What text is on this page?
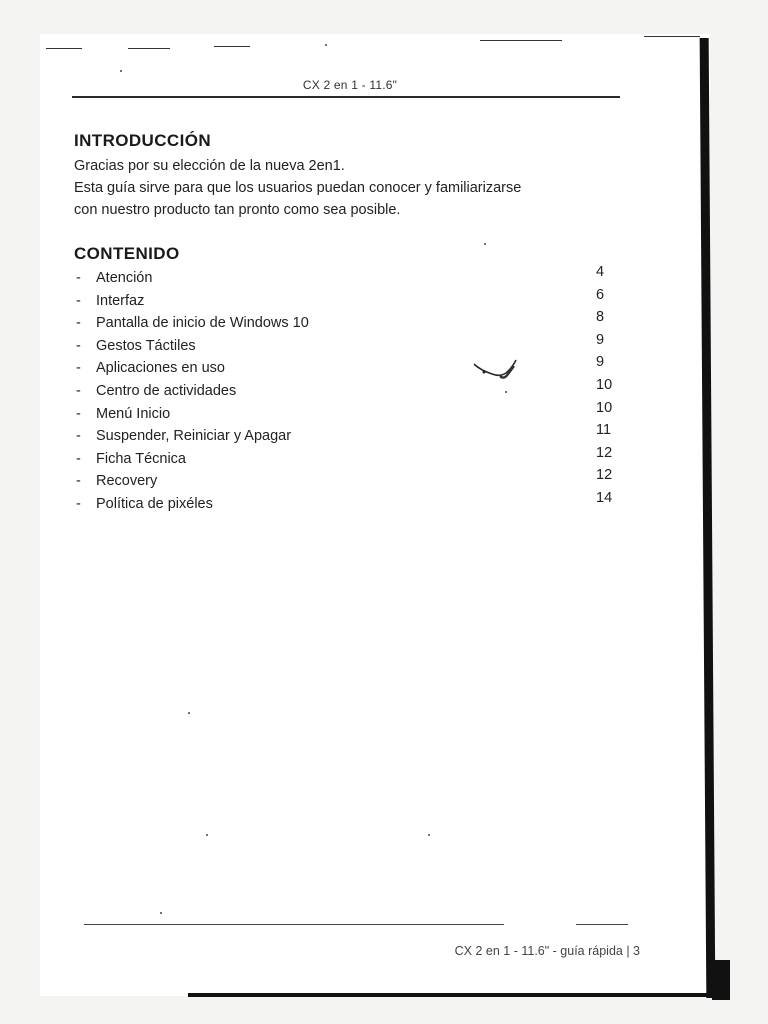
CX 2 en 1 - 11.6"
INTRODUCCIÓN
Gracias por su elección de la nueva 2en1.
Esta guía sirve para que los usuarios puedan conocer y familiarizarse
con nuestro producto tan pronto como sea posible.
CONTENIDO
- Atención	4
- Interfaz	6
- Pantalla de inicio de Windows 10	8
- Gestos Táctiles	9
- Aplicaciones en uso	9
- Centro de actividades	10
- Menú Inicio	10
- Suspender, Reiniciar y Apagar	11
- Ficha Técnica	12
- Recovery	12
- Política de pixéles	14
CX 2 en 1 - 11.6" - guía rápida | 3
